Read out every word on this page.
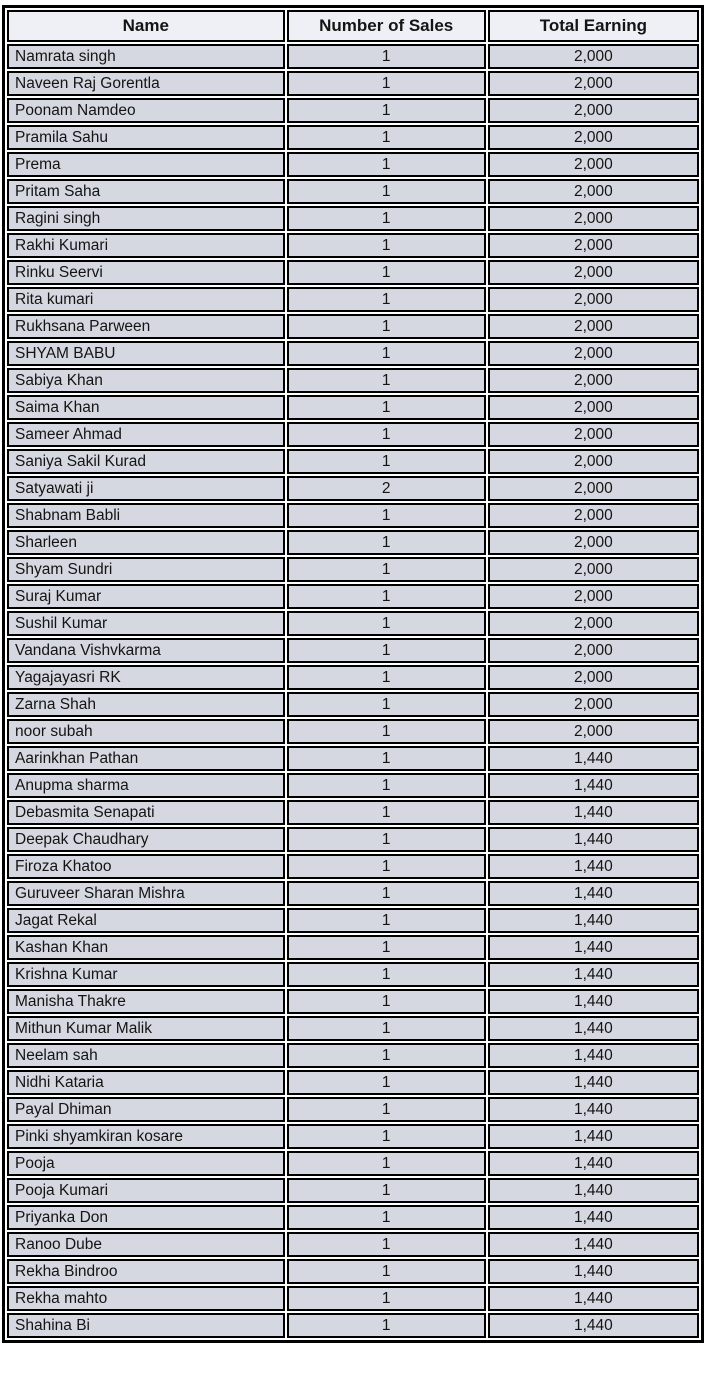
Name	Number of Sales	Total Earning
Namrata singh	1	2,000
Naveen Raj Gorentla	1	2,000
Poonam Namdeo	1	2,000
Pramila Sahu	1	2,000
Prema	1	2,000
Pritam Saha	1	2,000
Ragini singh	1	2,000
Rakhi Kumari	1	2,000
Rinku Seervi	1	2,000
Rita kumari	1	2,000
Rukhsana Parween	1	2,000
SHYAM BABU	1	2,000
Sabiya Khan	1	2,000
Saima Khan	1	2,000
Sameer Ahmad	1	2,000
Saniya Sakil Kurad	1	2,000
Satyawati ji	2	2,000
Shabnam Babli	1	2,000
Sharleen	1	2,000
Shyam Sundri	1	2,000
Suraj Kumar	1	2,000
Sushil Kumar	1	2,000
Vandana Vishvkarma	1	2,000
Yagajayasri RK	1	2,000
Zarna Shah	1	2,000
noor subah	1	2,000
Aarinkhan Pathan	1	1,440
Anupma sharma	1	1,440
Debasmita Senapati	1	1,440
Deepak Chaudhary	1	1,440
Firoza Khatoo	1	1,440
Guruveer Sharan Mishra	1	1,440
Jagat Rekal	1	1,440
Kashan Khan	1	1,440
Krishna Kumar	1	1,440
Manisha Thakre	1	1,440
Mithun Kumar Malik	1	1,440
Neelam sah	1	1,440
Nidhi Kataria	1	1,440
Payal Dhiman	1	1,440
Pinki shyamkiran kosare	1	1,440
Pooja	1	1,440
Pooja Kumari	1	1,440
Priyanka Don	1	1,440
Ranoo Dube	1	1,440
Rekha Bindroo	1	1,440
Rekha mahto	1	1,440
Shahina Bi	1	1,440
